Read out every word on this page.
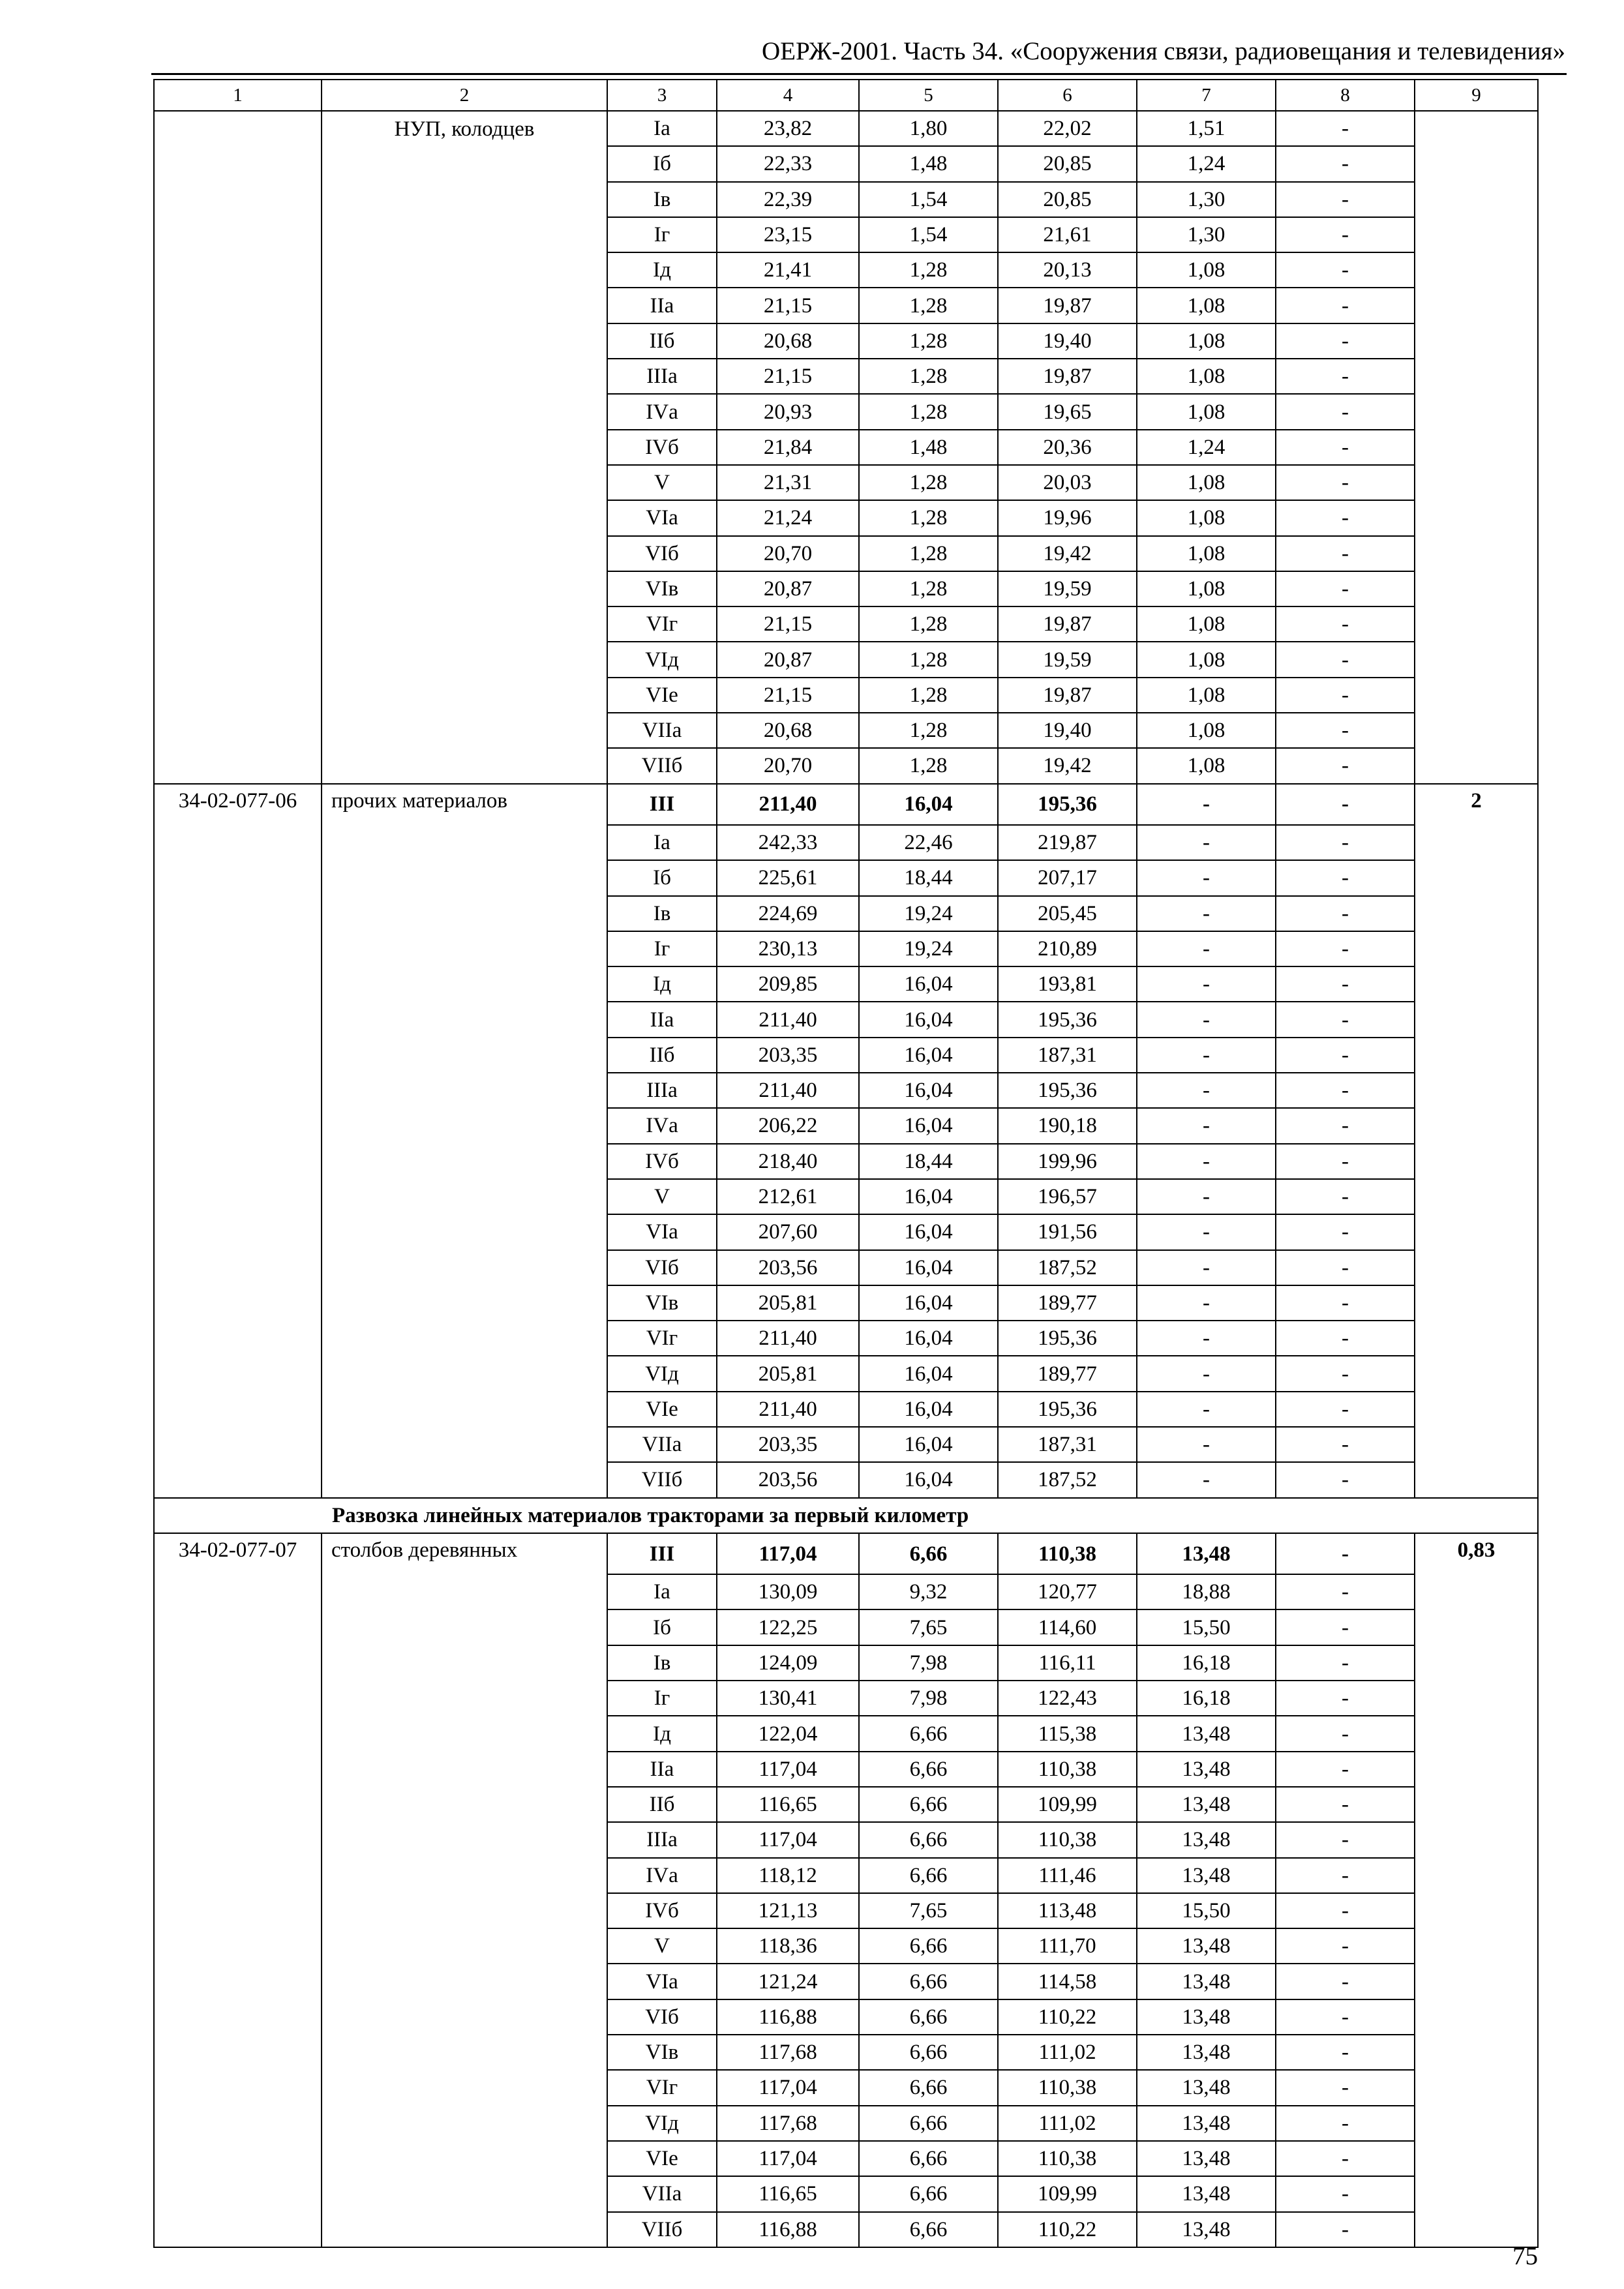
ОЕРЖ-2001. Часть 34. «Сооружения связи, радиовещания и телевидения»
1	2	3	4	5	6	7	8	9
	НУП, колодцев	Iа	23,82	1,80	22,02	1,51	-	
		Iб	22,33	1,48	20,85	1,24	-	
		Iв	22,39	1,54	20,85	1,30	-	
		Iг	23,15	1,54	21,61	1,30	-	
		Iд	21,41	1,28	20,13	1,08	-	
		IIа	21,15	1,28	19,87	1,08	-	
		IIб	20,68	1,28	19,40	1,08	-	
		IIIа	21,15	1,28	19,87	1,08	-	
		IVа	20,93	1,28	19,65	1,08	-	
		IVб	21,84	1,48	20,36	1,24	-	
		V	21,31	1,28	20,03	1,08	-	
		VIа	21,24	1,28	19,96	1,08	-	
		VIб	20,70	1,28	19,42	1,08	-	
		VIв	20,87	1,28	19,59	1,08	-	
		VIг	21,15	1,28	19,87	1,08	-	
		VIд	20,87	1,28	19,59	1,08	-	
		VIе	21,15	1,28	19,87	1,08	-	
		VIIа	20,68	1,28	19,40	1,08	-	
		VIIб	20,70	1,28	19,42	1,08	-	
34-02-077-06	прочих материалов	III	211,40	16,04	195,36	-	-	2
		Iа	242,33	22,46	219,87	-	-	
		Iб	225,61	18,44	207,17	-	-	
		Iв	224,69	19,24	205,45	-	-	
		Iг	230,13	19,24	210,89	-	-	
		Iд	209,85	16,04	193,81	-	-	
		IIа	211,40	16,04	195,36	-	-	
		IIб	203,35	16,04	187,31	-	-	
		IIIа	211,40	16,04	195,36	-	-	
		IVа	206,22	16,04	190,18	-	-	
		IVб	218,40	18,44	199,96	-	-	
		V	212,61	16,04	196,57	-	-	
		VIа	207,60	16,04	191,56	-	-	
		VIб	203,56	16,04	187,52	-	-	
		VIв	205,81	16,04	189,77	-	-	
		VIг	211,40	16,04	195,36	-	-	
		VIд	205,81	16,04	189,77	-	-	
		VIе	211,40	16,04	195,36	-	-	
		VIIа	203,35	16,04	187,31	-	-	
		VIIб	203,56	16,04	187,52	-	-	
Развозка линейных материалов тракторами за первый километр								
34-02-077-07	столбов деревянных	III	117,04	6,66	110,38	13,48	-	0,83
		Iа	130,09	9,32	120,77	18,88	-	
		Iб	122,25	7,65	114,60	15,50	-	
		Iв	124,09	7,98	116,11	16,18	-	
		Iг	130,41	7,98	122,43	16,18	-	
		Iд	122,04	6,66	115,38	13,48	-	
		IIа	117,04	6,66	110,38	13,48	-	
		IIб	116,65	6,66	109,99	13,48	-	
		IIIа	117,04	6,66	110,38	13,48	-	
		IVа	118,12	6,66	111,46	13,48	-	
		IVб	121,13	7,65	113,48	15,50	-	
		V	118,36	6,66	111,70	13,48	-	
		VIа	121,24	6,66	114,58	13,48	-	
		VIб	116,88	6,66	110,22	13,48	-	
		VIв	117,68	6,66	111,02	13,48	-	
		VIг	117,04	6,66	110,38	13,48	-	
		VIд	117,68	6,66	111,02	13,48	-	
		VIе	117,04	6,66	110,38	13,48	-	
		VIIа	116,65	6,66	109,99	13,48	-	
		VIIб	116,88	6,66	110,22	13,48	-	
75
